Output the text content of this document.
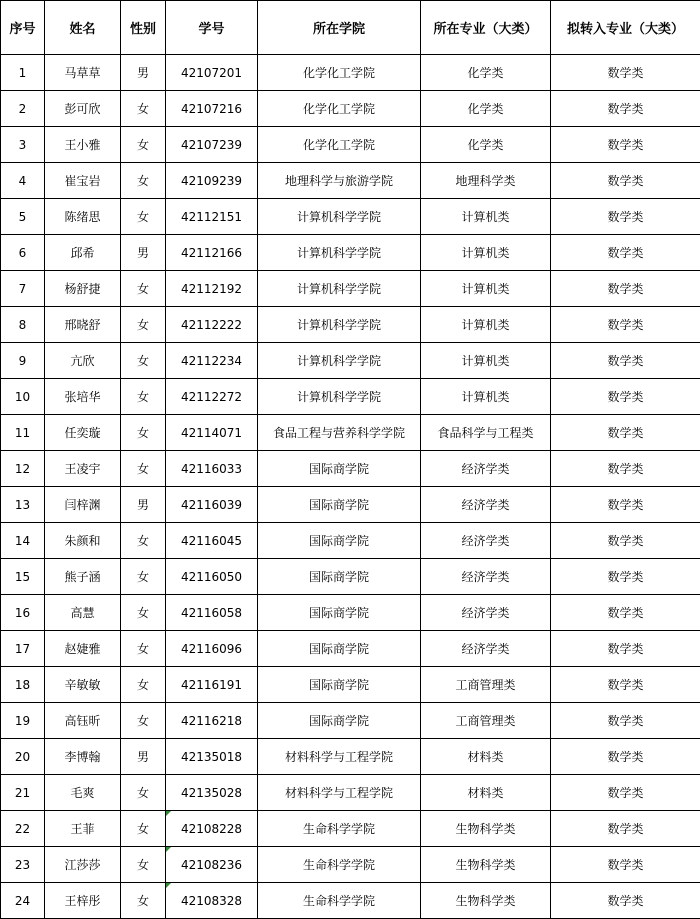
序号	姓名	性别	学号	所在学院	所在专业（大类）	拟转入专业（大类）
1	马草草	男	42107201	化学化工学院	化学类	数学类
2	彭可欣	女	42107216	化学化工学院	化学类	数学类
3	王小雅	女	42107239	化学化工学院	化学类	数学类
4	崔宝岩	女	42109239	地理科学与旅游学院	地理科学类	数学类
5	陈绪思	女	42112151	计算机科学学院	计算机类	数学类
6	邱希	男	42112166	计算机科学学院	计算机类	数学类
7	杨舒捷	女	42112192	计算机科学学院	计算机类	数学类
8	邢晓舒	女	42112222	计算机科学学院	计算机类	数学类
9	亢欣	女	42112234	计算机科学学院	计算机类	数学类
10	张培华	女	42112272	计算机科学学院	计算机类	数学类
11	任奕璇	女	42114071	食品工程与营养科学学院	食品科学与工程类	数学类
12	王凌宇	女	42116033	国际商学院	经济学类	数学类
13	闫梓渊	男	42116039	国际商学院	经济学类	数学类
14	朱颜和	女	42116045	国际商学院	经济学类	数学类
15	熊子涵	女	42116050	国际商学院	经济学类	数学类
16	高慧	女	42116058	国际商学院	经济学类	数学类
17	赵婕雅	女	42116096	国际商学院	经济学类	数学类
18	辛敏敏	女	42116191	国际商学院	工商管理类	数学类
19	高钰昕	女	42116218	国际商学院	工商管理类	数学类
20	李博翰	男	42135018	材料科学与工程学院	材料类	数学类
21	毛爽	女	42135028	材料科学与工程学院	材料类	数学类
22	王菲	女	42108228	生命科学学院	生物科学类	数学类
23	江莎莎	女	42108236	生命科学学院	生物科学类	数学类
24	王梓彤	女	42108328	生命科学学院	生物科学类	数学类
